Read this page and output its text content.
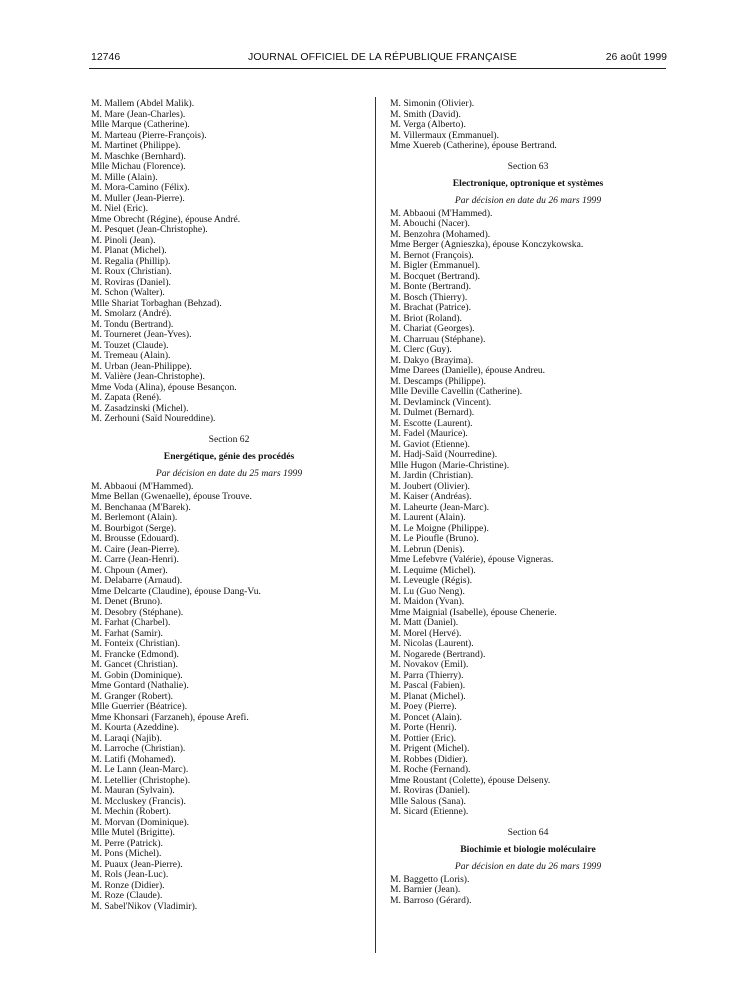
12746	JOURNAL OFFICIEL DE LA RÉPUBLIQUE FRANÇAISE	26 août 1999
M. Mallem (Abdel Malik).
M. Mare (Jean-Charles).
Mlle Marque (Catherine).
M. Marteau (Pierre-François).
M. Martinet (Philippe).
M. Maschke (Bernhard).
Mlle Michau (Florence).
M. Mille (Alain).
M. Mora-Camino (Félix).
M. Muller (Jean-Pierre).
M. Niel (Eric).
Mme Obrecht (Régine), épouse André.
M. Pesquet (Jean-Christophe).
M. Pinoli (Jean).
M. Planat (Michel).
M. Regalia (Phillip).
M. Roux (Christian).
M. Roviras (Daniel).
M. Schon (Walter).
Mlle Shariat Torbaghan (Behzad).
M. Smolarz (André).
M. Tondu (Bertrand).
M. Tourneret (Jean-Yves).
M. Touzet (Claude).
M. Tremeau (Alain).
M. Urban (Jean-Philippe).
M. Valière (Jean-Christophe).
Mme Voda (Alina), épouse Besançon.
M. Zapata (René).
M. Zasadzinski (Michel).
M. Zerhouni (Saïd Noureddine).
Section 62
Energétique, génie des procédés
Par décision en date du 25 mars 1999
M. Abbaoui (M'Hammed).
Mme Bellan (Gwenaelle), épouse Trouve.
M. Benchanaa (M'Barek).
M. Berlemont (Alain).
M. Bourbigot (Serge).
M. Brousse (Edouard).
M. Caire (Jean-Pierre).
M. Carre (Jean-Henri).
M. Chpoun (Amer).
M. Delabarre (Arnaud).
Mme Delcarte (Claudine), épouse Dang-Vu.
M. Denet (Bruno).
M. Desobry (Stéphane).
M. Farhat (Charbel).
M. Farhat (Samir).
M. Fonteix (Christian).
M. Francke (Edmond).
M. Gancet (Christian).
M. Gobin (Dominique).
Mme Gontard (Nathalie).
M. Granger (Robert).
Mlle Guerrier (Béatrice).
Mme Khonsari (Farzaneh), épouse Arefi.
M. Kourta (Azeddine).
M. Laraqi (Najib).
M. Larroche (Christian).
M. Latifi (Mohamed).
M. Le Lann (Jean-Marc).
M. Letellier (Christophe).
M. Mauran (Sylvain).
M. Mccluskey (Francis).
M. Mechin (Robert).
M. Morvan (Dominique).
Mlle Mutel (Brigitte).
M. Perre (Patrick).
M. Pons (Michel).
M. Puaux (Jean-Pierre).
M. Rols (Jean-Luc).
M. Ronze (Didier).
M. Roze (Claude).
M. Sabel'Nikov (Vladimir).
M. Simonin (Olivier).
M. Smith (David).
M. Verga (Alberto).
M. Villermaux (Emmanuel).
Mme Xuereb (Catherine), épouse Bertrand.
Section 63
Electronique, optronique et systèmes
Par décision en date du 26 mars 1999
M. Abbaoui (M'Hammed).
M. Abouchi (Nacer).
M. Benzohra (Mohamed).
Mme Berger (Agnieszka), épouse Konczykowska.
M. Bernot (François).
M. Bigler (Emmanuel).
M. Bocquet (Bertrand).
M. Bonte (Bertrand).
M. Bosch (Thierry).
M. Brachat (Patrice).
M. Briot (Roland).
M. Chariat (Georges).
M. Charruau (Stéphane).
M. Clerc (Guy).
M. Dakyo (Brayima).
Mme Darees (Danielle), épouse Andreu.
M. Descamps (Philippe).
Mlle Deville Cavellin (Catherine).
M. Devlaminck (Vincent).
M. Dulmet (Bernard).
M. Escotte (Laurent).
M. Fadel (Maurice).
M. Gaviot (Etienne).
M. Hadj-Saïd (Nourredine).
Mlle Hugon (Marie-Christine).
M. Jardin (Christian).
M. Joubert (Olivier).
M. Kaiser (Andréas).
M. Laheurte (Jean-Marc).
M. Laurent (Alain).
M. Le Moigne (Philippe).
M. Le Pioufle (Bruno).
M. Lebrun (Denis).
Mme Lefebvre (Valérie), épouse Vigneras.
M. Lequime (Michel).
M. Leveugle (Régis).
M. Lu (Guo Neng).
M. Maidon (Yvan).
Mme Maignial (Isabelle), épouse Chenerie.
M. Matt (Daniel).
M. Morel (Hervé).
M. Nicolas (Laurent).
M. Nogarede (Bertrand).
M. Novakov (Emil).
M. Parra (Thierry).
M. Pascal (Fabien).
M. Planat (Michel).
M. Poey (Pierre).
M. Poncet (Alain).
M. Porte (Henri).
M. Pottier (Eric).
M. Prigent (Michel).
M. Robbes (Didier).
M. Roche (Fernand).
Mme Roustant (Colette), épouse Delseny.
M. Roviras (Daniel).
Mlle Salous (Sana).
M. Sicard (Etienne).
Section 64
Biochimie et biologie moléculaire
Par décision en date du 26 mars 1999
M. Baggetto (Loris).
M. Barnier (Jean).
M. Barroso (Gérard).
